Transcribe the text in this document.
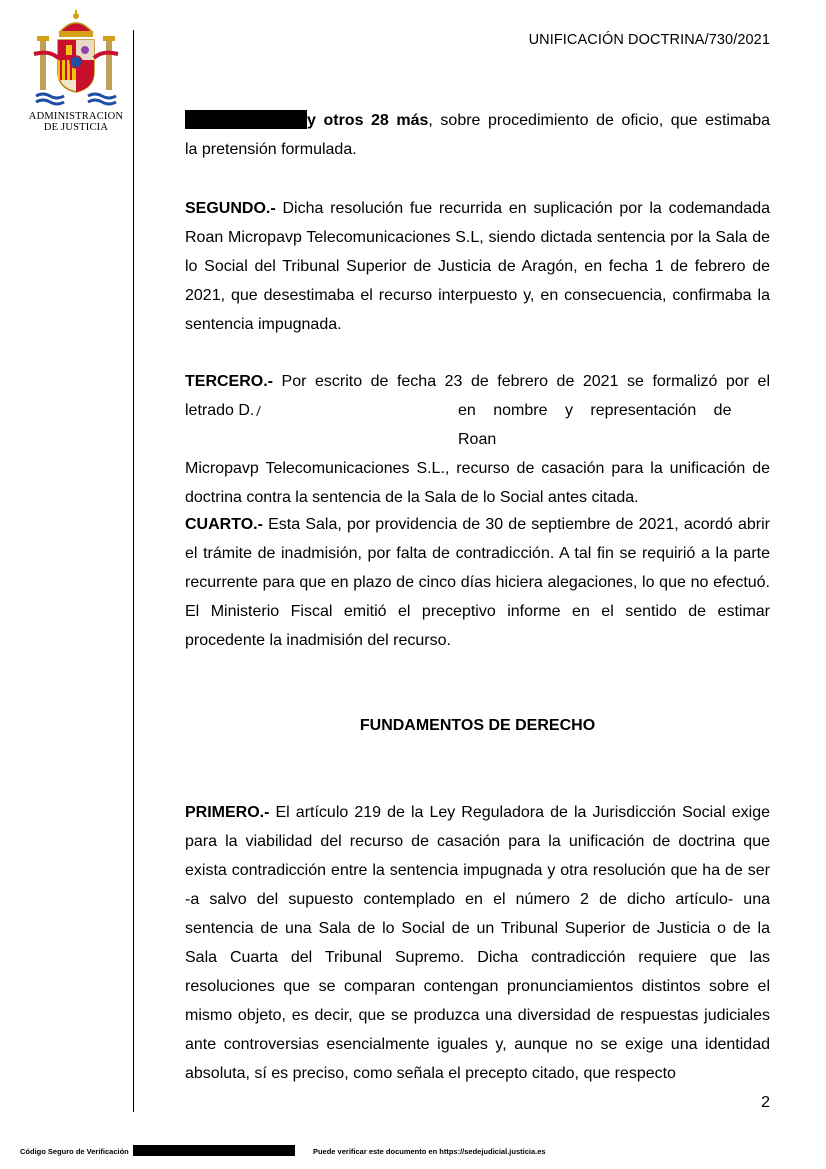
ADMINISTRACION
DE JUSTICIA
UNIFICACIÓN DOCTRINA/730/2021
y otros 28 más, sobre procedimiento de oficio, que estimaba
la pretensión formulada.
SEGUNDO.- Dicha resolución fue recurrida en suplicación por la codemandada Roan Micropavp Telecomunicaciones S.L, siendo dictada sentencia por la Sala de lo Social del Tribunal Superior de Justicia de Aragón, en fecha 1 de febrero de 2021, que desestimaba el recurso interpuesto y, en consecuencia, confirmaba la sentencia impugnada.
TERCERO.- Por escrito de fecha 23 de febrero de 2021 se formalizó por el
letrado D.	en nombre y representación de Roan
Micropavp Telecomunicaciones S.L., recurso de casación para la unificación de doctrina contra la sentencia de la Sala de lo Social antes citada.
CUARTO.- Esta Sala, por providencia de 30 de septiembre de 2021, acordó abrir el trámite de inadmisión, por falta de contradicción. A tal fin se requirió a la parte recurrente para que en plazo de cinco días hiciera alegaciones, lo que no efectuó. El Ministerio Fiscal emitió el preceptivo informe en el sentido de estimar procedente la inadmisión del recurso.
FUNDAMENTOS DE DERECHO
PRIMERO.- El artículo 219 de la Ley Reguladora de la Jurisdicción Social exige para la viabilidad del recurso de casación para la unificación de doctrina que exista contradicción entre la sentencia impugnada y otra resolución que ha de ser -a salvo del supuesto contemplado en el número 2 de dicho artículo- una sentencia de una Sala de lo Social de un Tribunal Superior de Justicia o de la Sala Cuarta del Tribunal Supremo. Dicha contradicción requiere que las resoluciones que se comparan contengan pronunciamientos distintos sobre el mismo objeto, es decir, que se produzca una diversidad de respuestas judiciales ante controversias esencialmente iguales y, aunque no se exige una identidad absoluta, sí es preciso, como señala el precepto citado, que respecto
2
Código Seguro de Verificación	Puede verificar este documento en https://sedejudicial.justicia.es
